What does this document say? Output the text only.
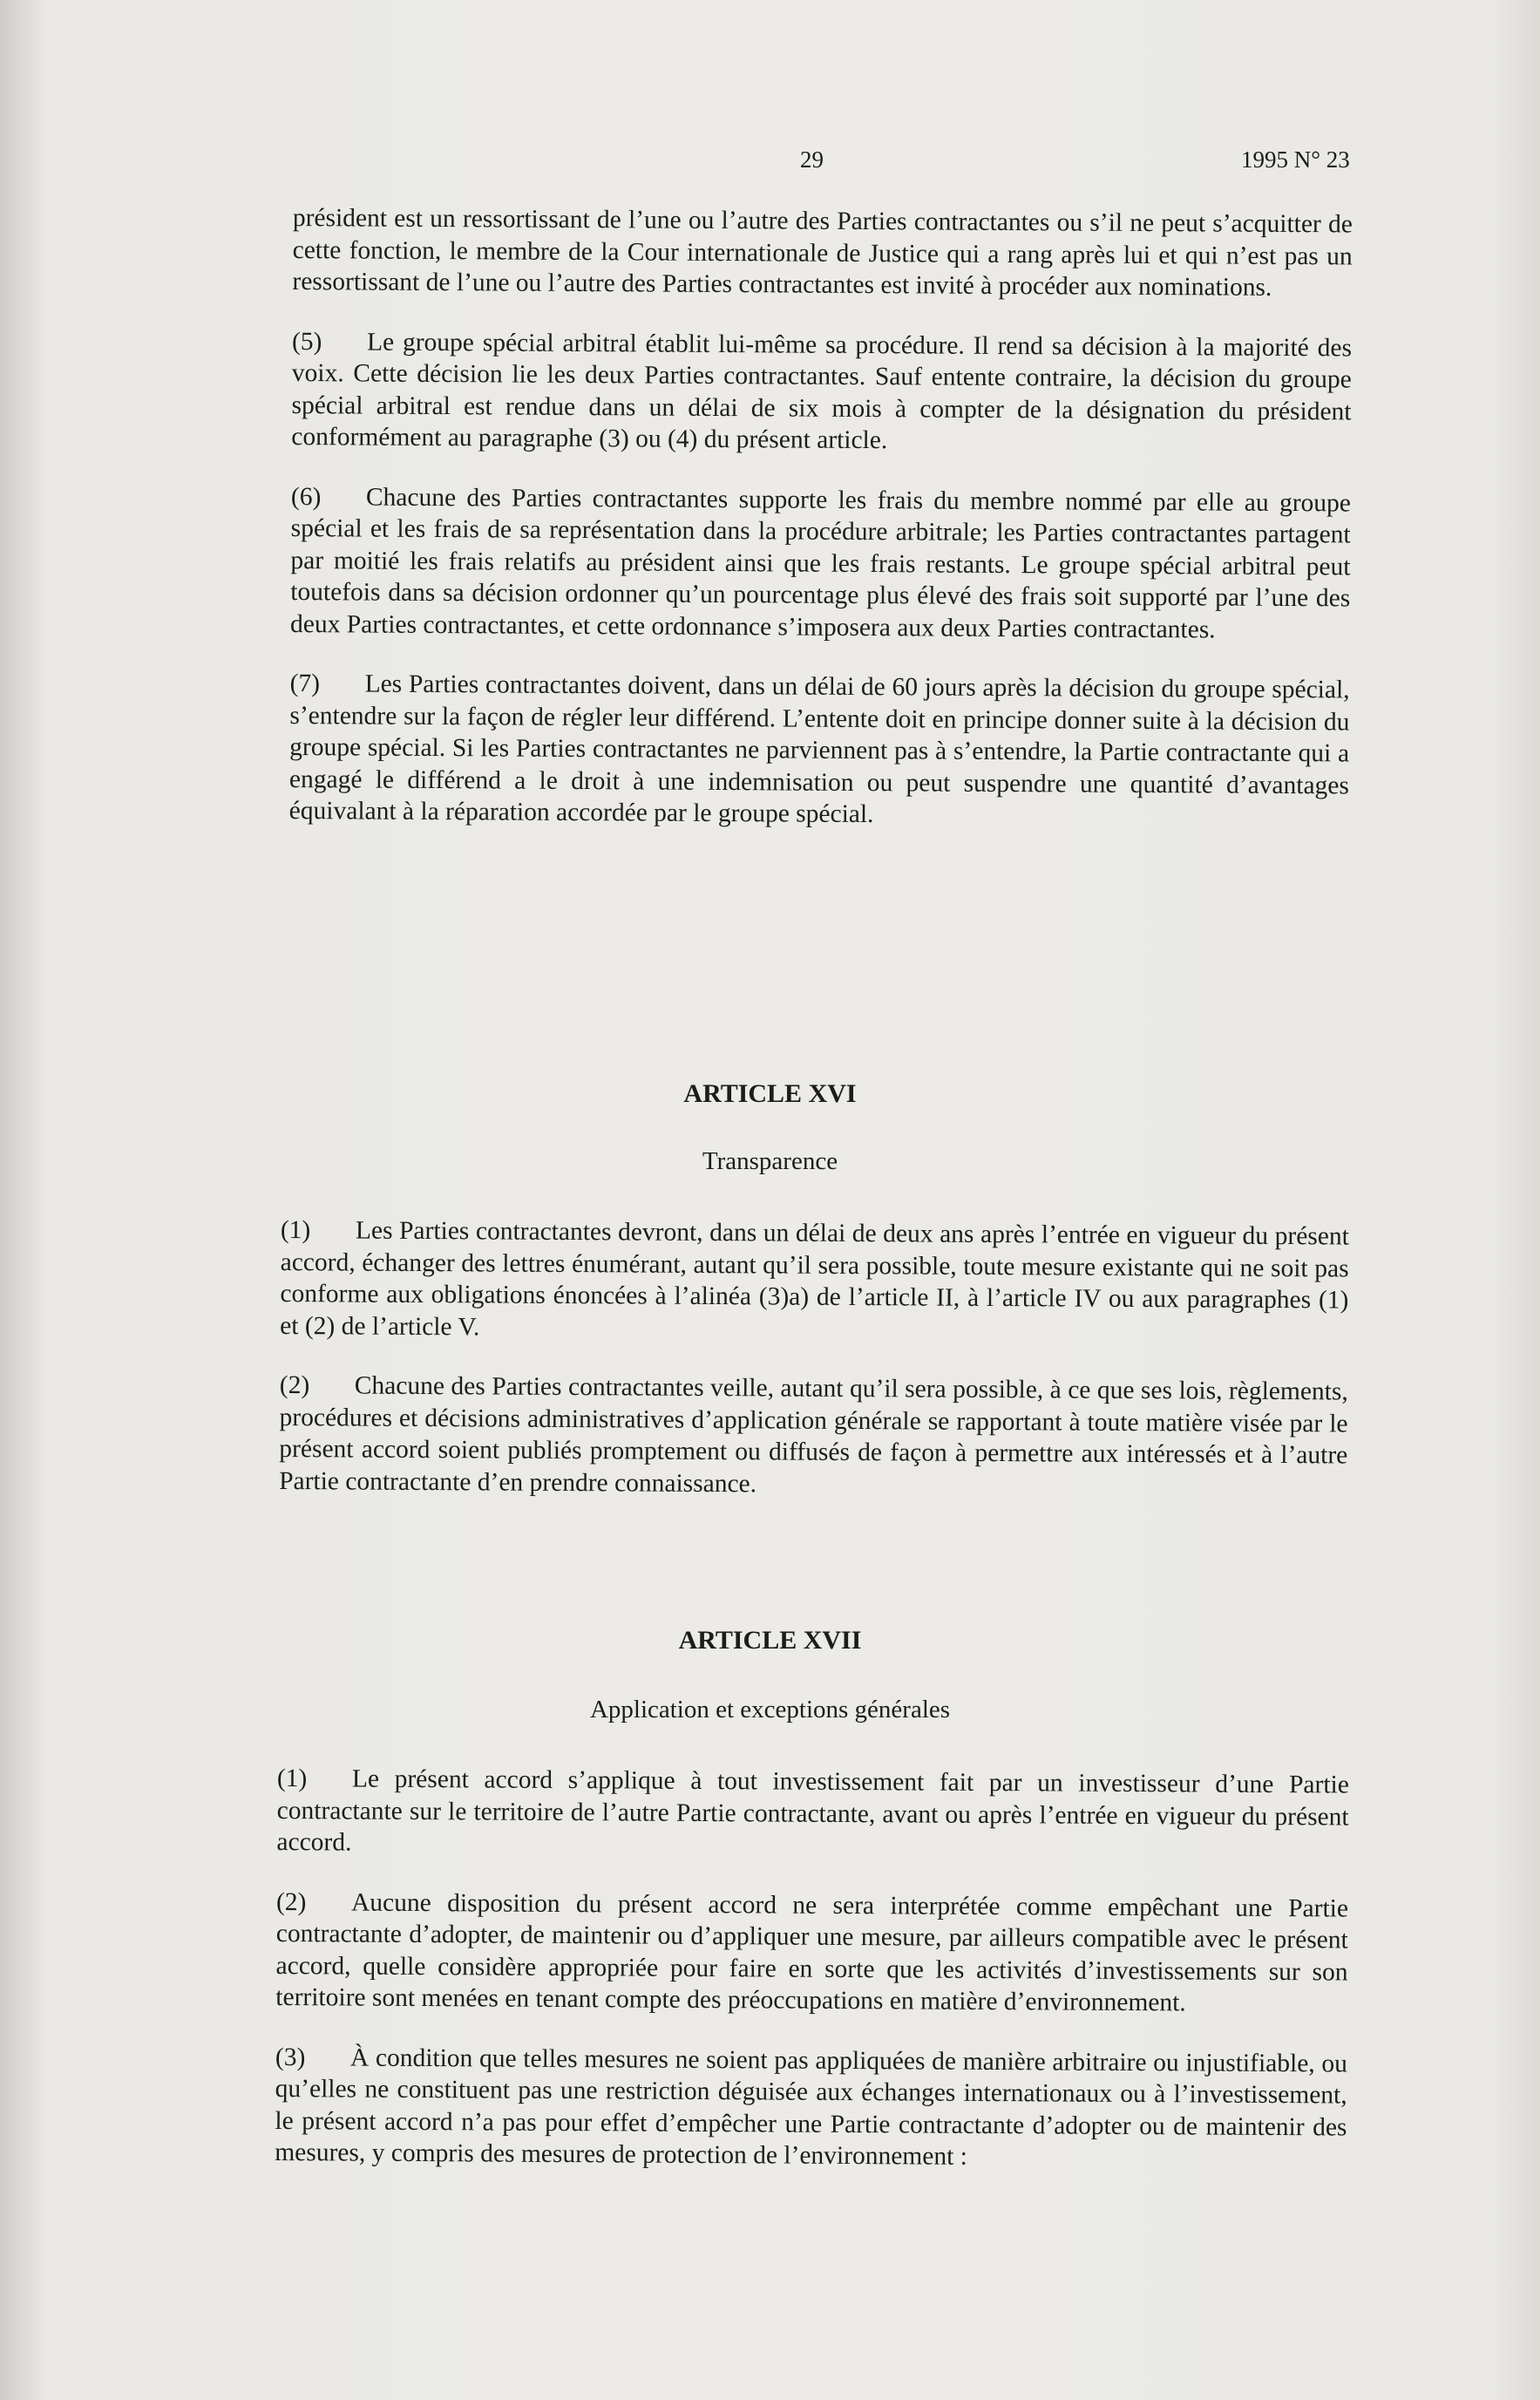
29	1995 N° 23

président est un ressortissant de l’une ou l’autre des Parties contractantes ou s’il ne peut s’acquitter de cette fonction, le membre de la Cour internationale de Justice qui a rang après lui et qui n’est pas un ressortissant de l’une ou l’autre des Parties contractantes est invité à procéder aux nominations.

(5) Le groupe spécial arbitral établit lui-même sa procédure. Il rend sa décision à la majorité des voix. Cette décision lie les deux Parties contractantes. Sauf entente contraire, la décision du groupe spécial arbitral est rendue dans un délai de six mois à compter de la désignation du président conformément au paragraphe (3) ou (4) du présent article.

(6) Chacune des Parties contractantes supporte les frais du membre nommé par elle au groupe spécial et les frais de sa représentation dans la procédure arbitrale; les Parties contractantes partagent par moitié les frais relatifs au président ainsi que les frais restants. Le groupe spécial arbitral peut toutefois dans sa décision ordonner qu’un pourcentage plus élevé des frais soit supporté par l’une des deux Parties contractantes, et cette ordonnance s’imposera aux deux Parties contractantes.

(7) Les Parties contractantes doivent, dans un délai de 60 jours après la décision du groupe spécial, s’entendre sur la façon de régler leur différend. L’entente doit en principe donner suite à la décision du groupe spécial. Si les Parties contractantes ne parviennent pas à s’entendre, la Partie contractante qui a engagé le différend a le droit à une indemnisation ou peut suspendre une quantité d’avantages équivalant à la réparation accordée par le groupe spécial.

ARTICLE XVI
Transparence

(1) Les Parties contractantes devront, dans un délai de deux ans après l’entrée en vigueur du présent accord, échanger des lettres énumérant, autant qu’il sera possible, toute mesure existante qui ne soit pas conforme aux obligations énoncées à l’alinéa (3)a) de l’article II, à l’article IV ou aux paragraphes (1) et (2) de l’article V.

(2) Chacune des Parties contractantes veille, autant qu’il sera possible, à ce que ses lois, règlements, procédures et décisions administratives d’application générale se rapportant à toute matière visée par le présent accord soient publiés promptement ou diffusés de façon à permettre aux intéressés et à l’autre Partie contractante d’en prendre connaissance.

ARTICLE XVII
Application et exceptions générales

(1) Le présent accord s’applique à tout investissement fait par un investisseur d’une Partie contractante sur le territoire de l’autre Partie contractante, avant ou après l’entrée en vigueur du présent accord.

(2) Aucune disposition du présent accord ne sera interprétée comme empêchant une Partie contractante d’adopter, de maintenir ou d’appliquer une mesure, par ailleurs compatible avec le présent accord, quelle considère appropriée pour faire en sorte que les activités d’investissements sur son territoire sont menées en tenant compte des préoccupations en matière d’environnement.

(3) À condition que telles mesures ne soient pas appliquées de manière arbitraire ou injustifiable, ou qu’elles ne constituent pas une restriction déguisée aux échanges internationaux ou à l’investissement, le présent accord n’a pas pour effet d’empêcher une Partie contractante d’adopter ou de maintenir des mesures, y compris des mesures de protection de l’environnement :
